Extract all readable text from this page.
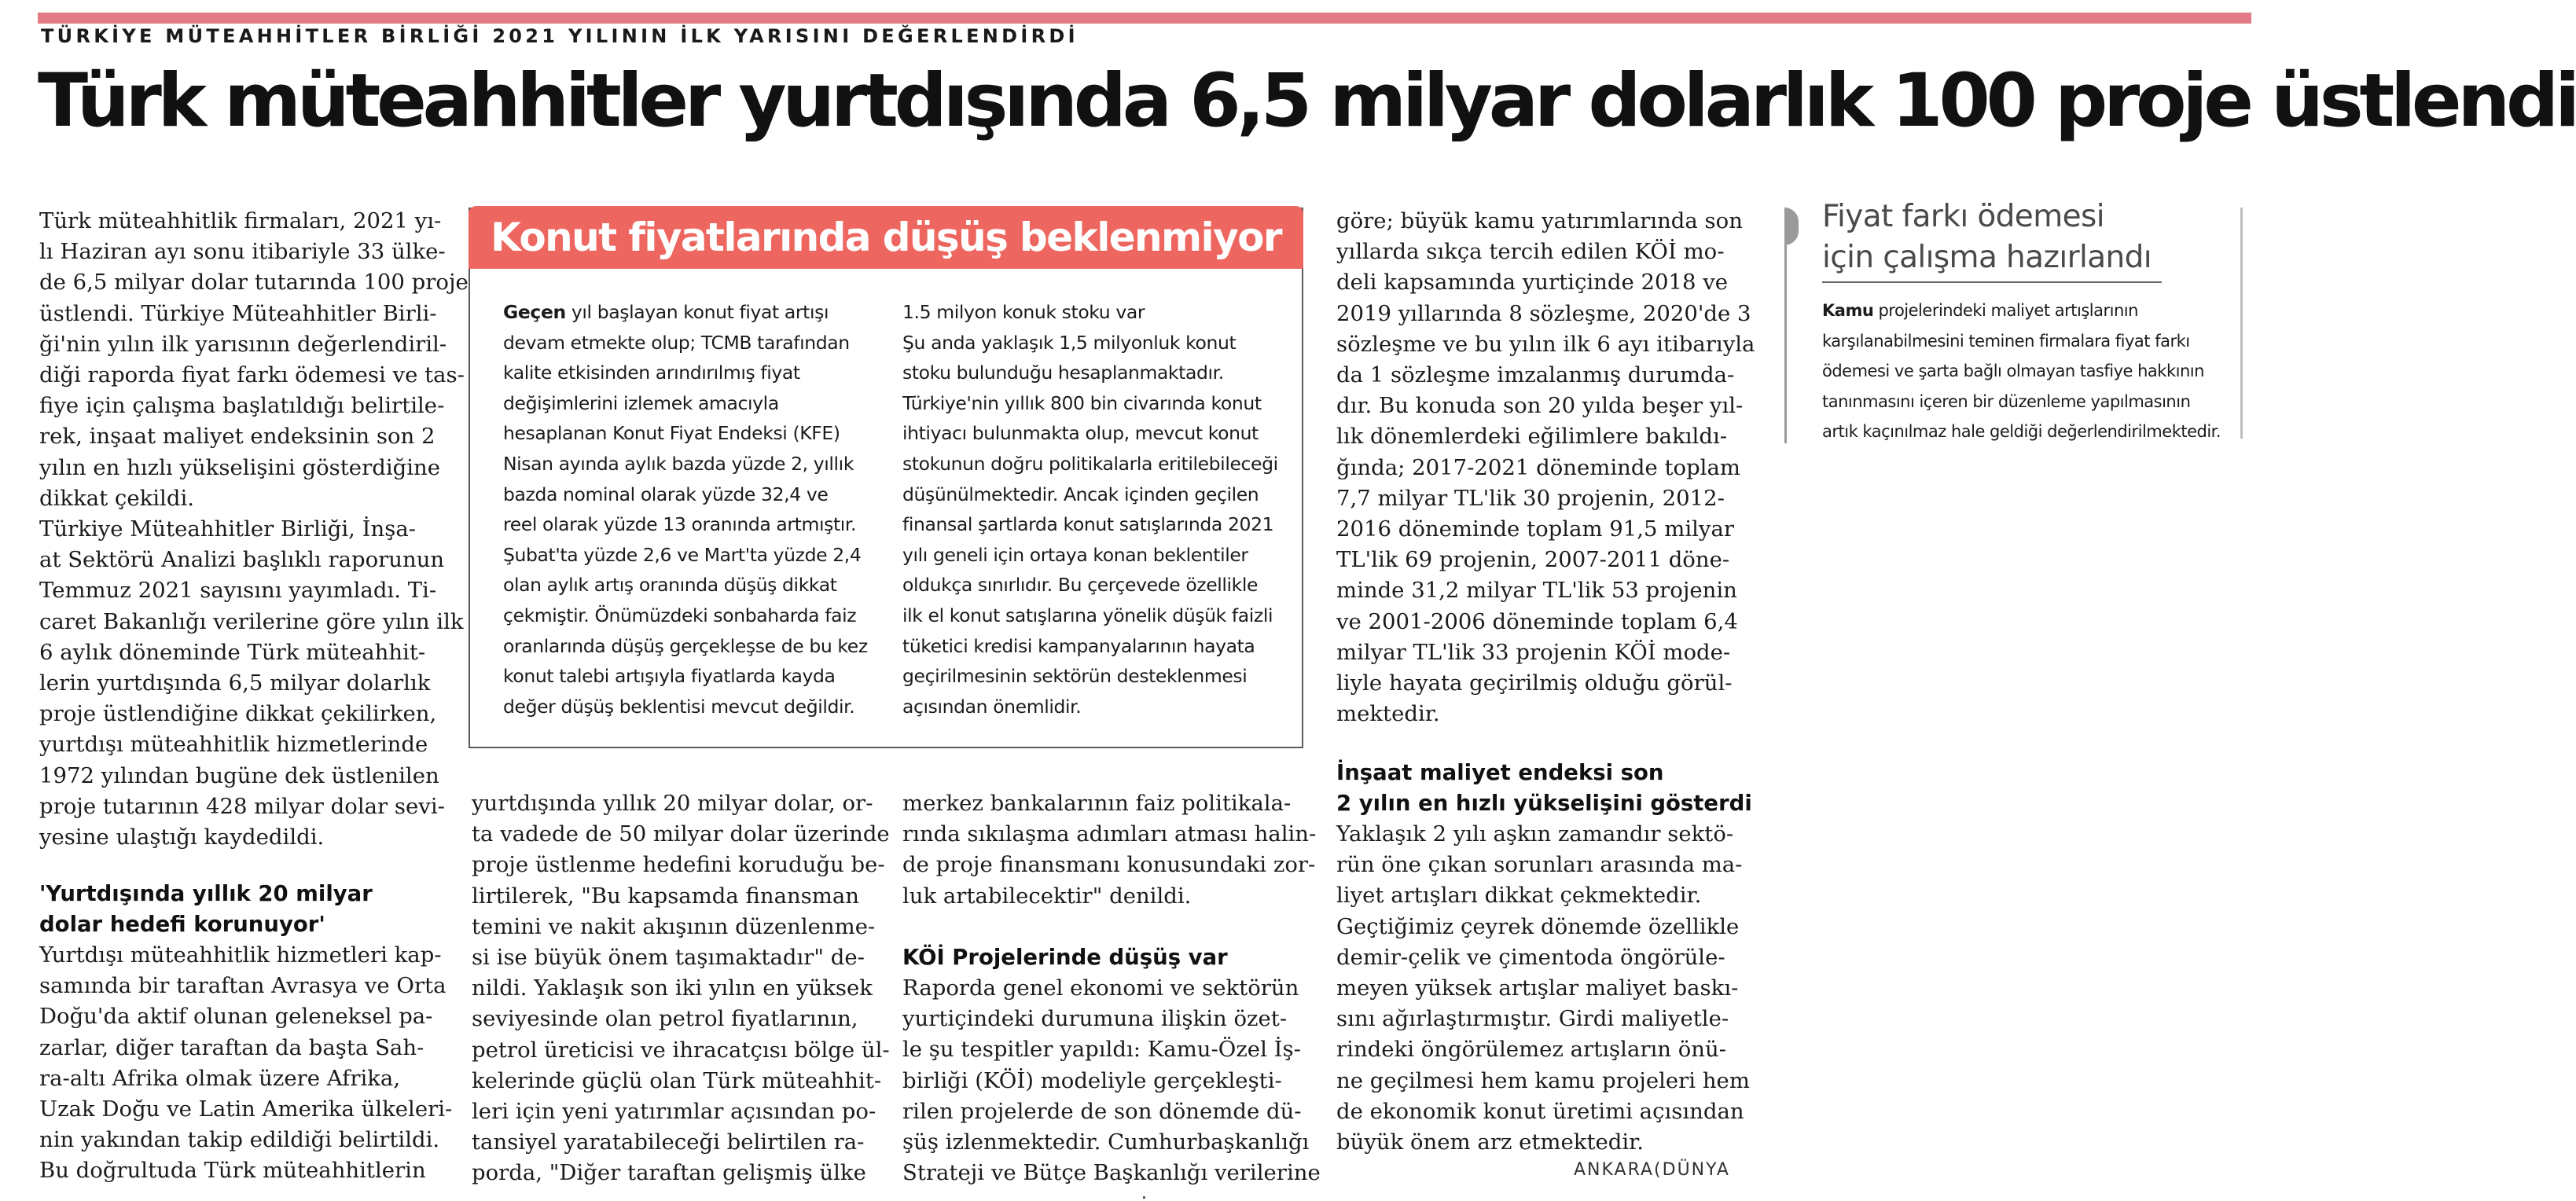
TÜRKİYE MÜTEAHHİTLER BİRLİĞİ 2021 YILININ İLK YARISINI DEĞERLENDİRDİ
Türk müteahhitler yurtdışında 6,5 milyar dolarlık 100 proje üstlendi
Türk müteahhitlik firmaları, 2021 yı-
lı Haziran ayı sonu itibariyle 33 ülke-
de 6,5 milyar dolar tutarında 100 proje
üstlendi. Türkiye Müteahhitler Birli-
ği'nin yılın ilk yarısının değerlendiril-
diği raporda fiyat farkı ödemesi ve tas-
fiye için çalışma başlatıldığı belirtile-
rek, inşaat maliyet endeksinin son 2
yılın en hızlı yükselişini gösterdiğine
dikkat çekildi.
Türkiye Müteahhitler Birliği, İnşa-
at Sektörü Analizi başlıklı raporunun
Temmuz 2021 sayısını yayımladı. Ti-
caret Bakanlığı verilerine göre yılın ilk
6 aylık döneminde Türk müteahhit-
lerin yurtdışında 6,5 milyar dolarlık
proje üstlendiğine dikkat çekilirken,
yurtdışı müteahhitlik hizmetlerinde
1972 yılından bugüne dek üstlenilen
proje tutarının 428 milyar dolar sevi-
yesine ulaştığı kaydedildi.
'Yurtdışında yıllık 20 milyar
dolar hedefi korunuyor'
Yurtdışı müteahhitlik hizmetleri kap-
samında bir taraftan Avrasya ve Orta
Doğu'da aktif olunan geleneksel pa-
zarlar, diğer taraftan da başta Sah-
ra-altı Afrika olmak üzere Afrika,
Uzak Doğu ve Latin Amerika ülkeleri-
nin yakından takip edildiği belirtildi.
Bu doğrultuda Türk müteahhitlerin
Konut fiyatlarında düşüş beklenmiyor
Geçen yıl başlayan konut fiyat artışı
devam etmekte olup; TCMB tarafından
kalite etkisinden arındırılmış fiyat
değişimlerini izlemek amacıyla
hesaplanan Konut Fiyat Endeksi (KFE)
Nisan ayında aylık bazda yüzde 2, yıllık
bazda nominal olarak yüzde 32,4 ve
reel olarak yüzde 13 oranında artmıştır.
Şubat'ta yüzde 2,6 ve Mart'ta yüzde 2,4
olan aylık artış oranında düşüş dikkat
çekmiştir. Önümüzdeki sonbaharda faiz
oranlarında düşüş gerçekleşse de bu kez
konut talebi artışıyla fiyatlarda kayda
değer düşüş beklentisi mevcut değildir.
1.5 milyon konuk stoku var
Şu anda yaklaşık 1,5 milyonluk konut
stoku bulunduğu hesaplanmaktadır.
Türkiye'nin yıllık 800 bin civarında konut
ihtiyacı bulunmakta olup, mevcut konut
stokunun doğru politikalarla eritilebileceği
düşünülmektedir. Ancak içinden geçilen
finansal şartlarda konut satışlarında 2021
yılı geneli için ortaya konan beklentiler
oldukça sınırlıdır. Bu çerçevede özellikle
ilk el konut satışlarına yönelik düşük faizli
tüketici kredisi kampanyalarının hayata
geçirilmesinin sektörün desteklenmesi
açısından önemlidir.
yurtdışında yıllık 20 milyar dolar, or-
ta vadede de 50 milyar dolar üzerinde
proje üstlenme hedefini koruduğu be-
lirtilerek, "Bu kapsamda finansman
temini ve nakit akışının düzenlenme-
si ise büyük önem taşımaktadır" de-
nildi. Yaklaşık son iki yılın en yüksek
seviyesinde olan petrol fiyatlarının,
petrol üreticisi ve ihracatçısı bölge ül-
kelerinde güçlü olan Türk müteahhit-
leri için yeni yatırımlar açısından po-
tansiyel yaratabileceği belirtilen ra-
porda, "Diğer taraftan gelişmiş ülke
merkez bankalarının faiz politikala-
rında sıkılaşma adımları atması halin-
de proje finansmanı konusundaki zor-
luk artabilecektir" denildi.
KÖİ Projelerinde düşüş var
Raporda genel ekonomi ve sektörün
yurtiçindeki durumuna ilişkin özet-
le şu tespitler yapıldı: Kamu-Özel İş-
birliği (KÖİ) modeliyle gerçekleşti-
rilen projelerde de son dönemde dü-
şüş izlenmektedir. Cumhurbaşkanlığı
Strateji ve Bütçe Başkanlığı verilerine
göre; büyük kamu yatırımlarında son
yıllarda sıkça tercih edilen KÖİ mo-
deli kapsamında yurtiçinde 2018 ve
2019 yıllarında 8 sözleşme, 2020'de 3
sözleşme ve bu yılın ilk 6 ayı itibarıyla
da 1 sözleşme imzalanmış durumda-
dır. Bu konuda son 20 yılda beşer yıl-
lık dönemlerdeki eğilimlere bakıldı-
ğında; 2017-2021 döneminde toplam
7,7 milyar TL'lik 30 projenin, 2012-
2016 döneminde toplam 91,5 milyar
TL'lik 69 projenin, 2007-2011 döne-
minde 31,2 milyar TL'lik 53 projenin
ve 2001-2006 döneminde toplam 6,4
milyar TL'lik 33 projenin KÖİ mode-
liyle hayata geçirilmiş olduğu görül-
mektedir.
İnşaat maliyet endeksi son
2 yılın en hızlı yükselişini gösterdi
Yaklaşık 2 yılı aşkın zamandır sektö-
rün öne çıkan sorunları arasında ma-
liyet artışları dikkat çekmektedir.
Geçtiğimiz çeyrek dönemde özellikle
demir-çelik ve çimentoda öngörüle-
meyen yüksek artışlar maliyet baskı-
sını ağırlaştırmıştır. Girdi maliyetle-
rindeki öngörülemez artışların önü-
ne geçilmesi hem kamu projeleri hem
de ekonomik konut üretimi açısından
büyük önem arz etmektedir.
ANKARA(DÜNYA
Fiyat farkı ödemesi
için çalışma hazırlandı
Kamu projelerindeki maliyet artışlarının
karşılanabilmesini teminen firmalara fiyat farkı
ödemesi ve şarta bağlı olmayan tasfiye hakkının
tanınmasını içeren bir düzenleme yapılmasının
artık kaçınılmaz hale geldiği değerlendirilmektedir.
